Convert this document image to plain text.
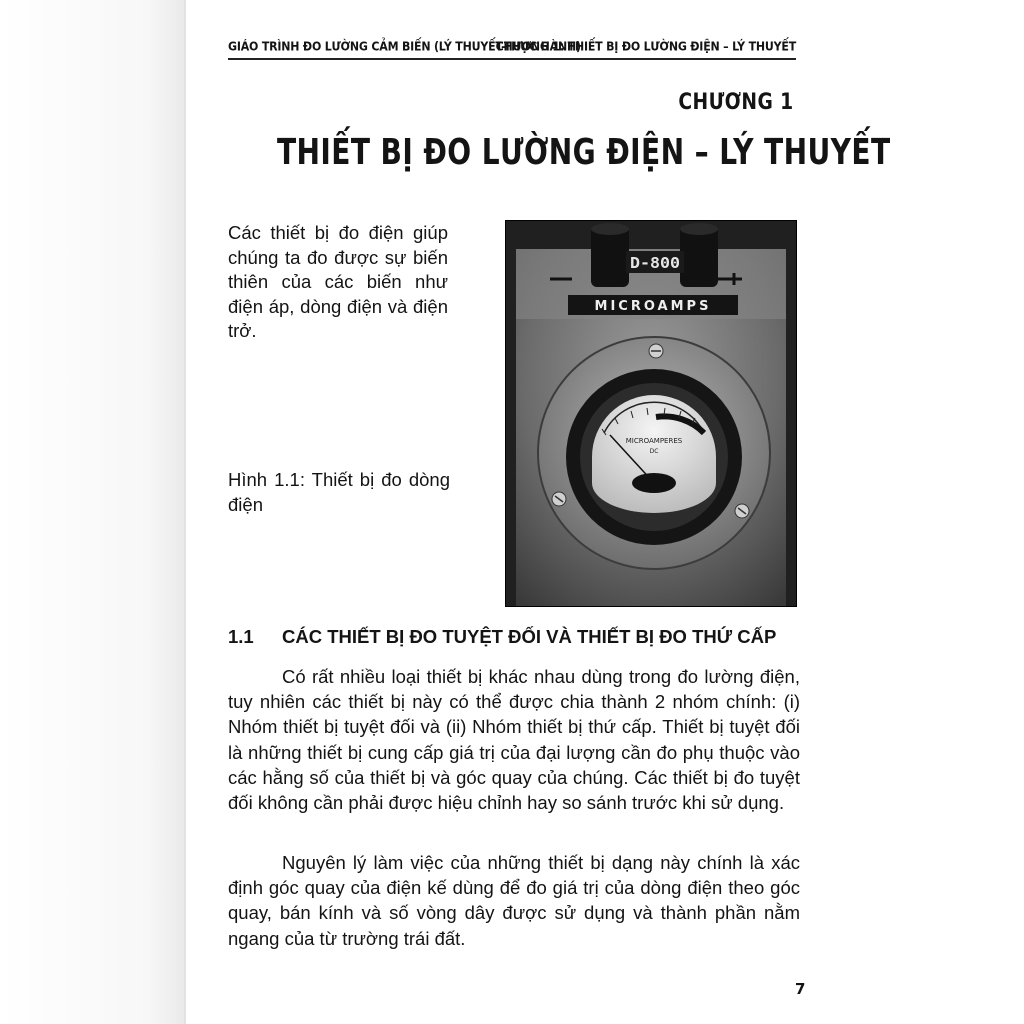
GIÁO TRÌNH ĐO LƯỜNG CẢM BIẾN (LÝ THUYẾT-THỰC HÀNH)
CHƯƠNG 1: THIẾT BỊ ĐO LƯỜNG ĐIỆN – LÝ THUYẾT
CHƯƠNG 1
THIẾT BỊ ĐO LƯỜNG ĐIỆN – LÝ THUYẾT

Các thiết bị đo điện giúp chúng ta đo được sự biến thiên của các biến như điện áp, dòng điện và điện trở.

Hình 1.1: Thiết bị đo dòng điện

D-800
MICROAMPS
MICROAMPERES
DC
1.1 CÁC THIẾT BỊ ĐO TUYỆT ĐỐI VÀ THIẾT BỊ ĐO THỨ CẤP

Có rất nhiều loại thiết bị khác nhau dùng trong đo lường điện, tuy nhiên các thiết bị này có thể được chia thành 2 nhóm chính: (i) Nhóm thiết bị tuyệt đối và (ii) Nhóm thiết bị thứ cấp. Thiết bị tuyệt đối là những thiết bị cung cấp giá trị của đại lượng cần đo phụ thuộc vào các hằng số của thiết bị và góc quay của chúng. Các thiết bị đo tuyệt đối không cần phải được hiệu chỉnh hay so sánh trước khi sử dụng.

Nguyên lý làm việc của những thiết bị dạng này chính là xác định góc quay của điện kế dùng để đo giá trị của dòng điện theo góc quay, bán kính và số vòng dây được sử dụng và thành phần nằm ngang của từ trường trái đất.

7
